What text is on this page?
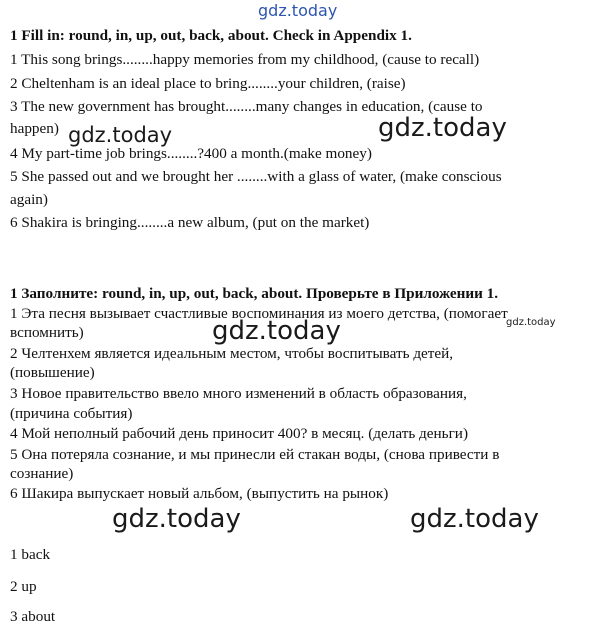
gdz.today
gdz.today	gdz.today
gdz.today	gdz.today
gdz.today	gdz.today
1 Fill in: round, in, up, out, back, about. Check in Appendix 1.
1 This song brings........happy memories from my childhood, (cause to recall)
2 Cheltenham is an ideal place to bring........your children, (raise)
3 The new government has brought........many changes in education, (cause to
happen)
4 My part-time job brings........?400 a month.(make money)
5 She passed out and we brought her ........with a glass of water, (make conscious
again)
6 Shakira is bringing........a new album, (put on the market)
1 Заполните: round, in, up, out, back, about. Проверьте в Приложении 1.
1 Эта песня вызывает счастливые воспоминания из моего детства, (помогает
вспомнить)
2 Челтенхем является идеальным местом, чтобы воспитывать детей,
(повышение)
3 Новое правительство ввело много изменений в область образования,
(причина события)
4 Мой неполный рабочий день приносит 400? в месяц. (делать деньги)
5 Она потеряла сознание, и мы принесли ей стакан воды, (снова привести в
сознание)
6 Шакира выпускает новый альбом, (выпустить на рынок)
1 back
2 up
3 about
